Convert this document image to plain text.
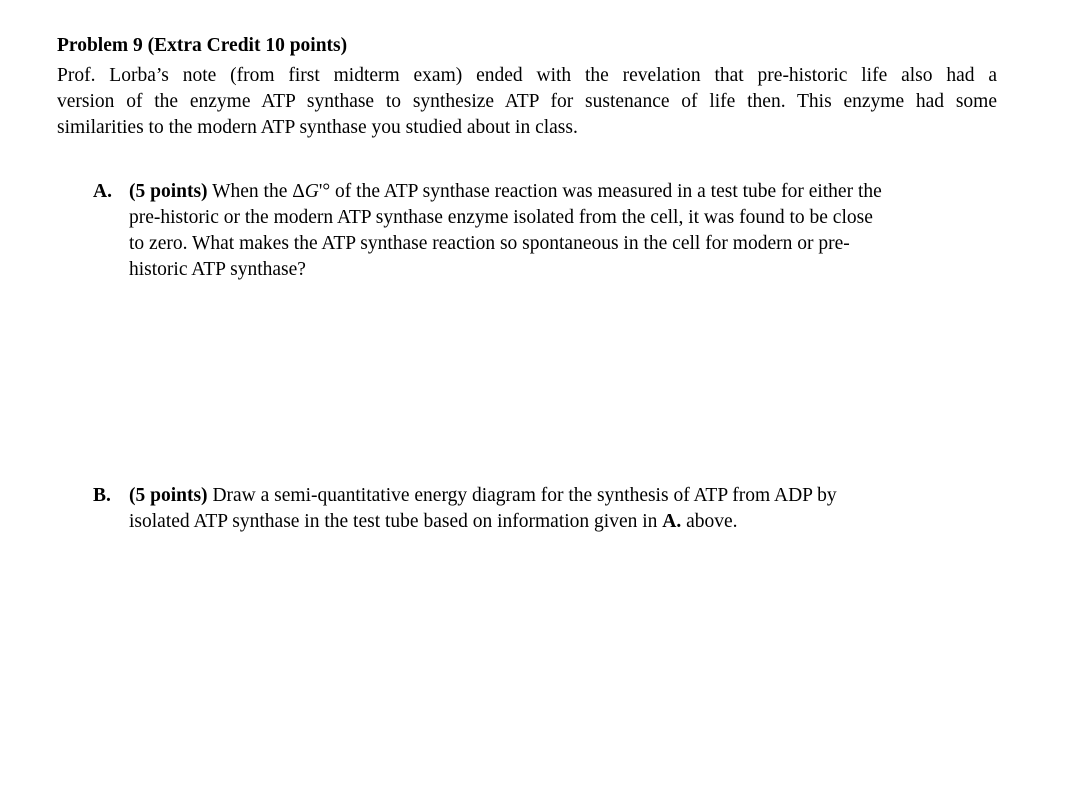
Problem 9 (Extra Credit 10 points)
Prof. Lorba’s note (from first midterm exam) ended with the revelation that pre-historic life also had a
version of the enzyme ATP synthase to synthesize ATP for sustenance of life then. This enzyme had some
similarities to the modern ATP synthase you studied about in class.
A. (5 points) When the ΔG'° of the ATP synthase reaction was measured in a test tube for either the
pre-historic or the modern ATP synthase enzyme isolated from the cell, it was found to be close
to zero. What makes the ATP synthase reaction so spontaneous in the cell for modern or pre-
historic ATP synthase?
B. (5 points) Draw a semi-quantitative energy diagram for the synthesis of ATP from ADP by
isolated ATP synthase in the test tube based on information given in A. above.
